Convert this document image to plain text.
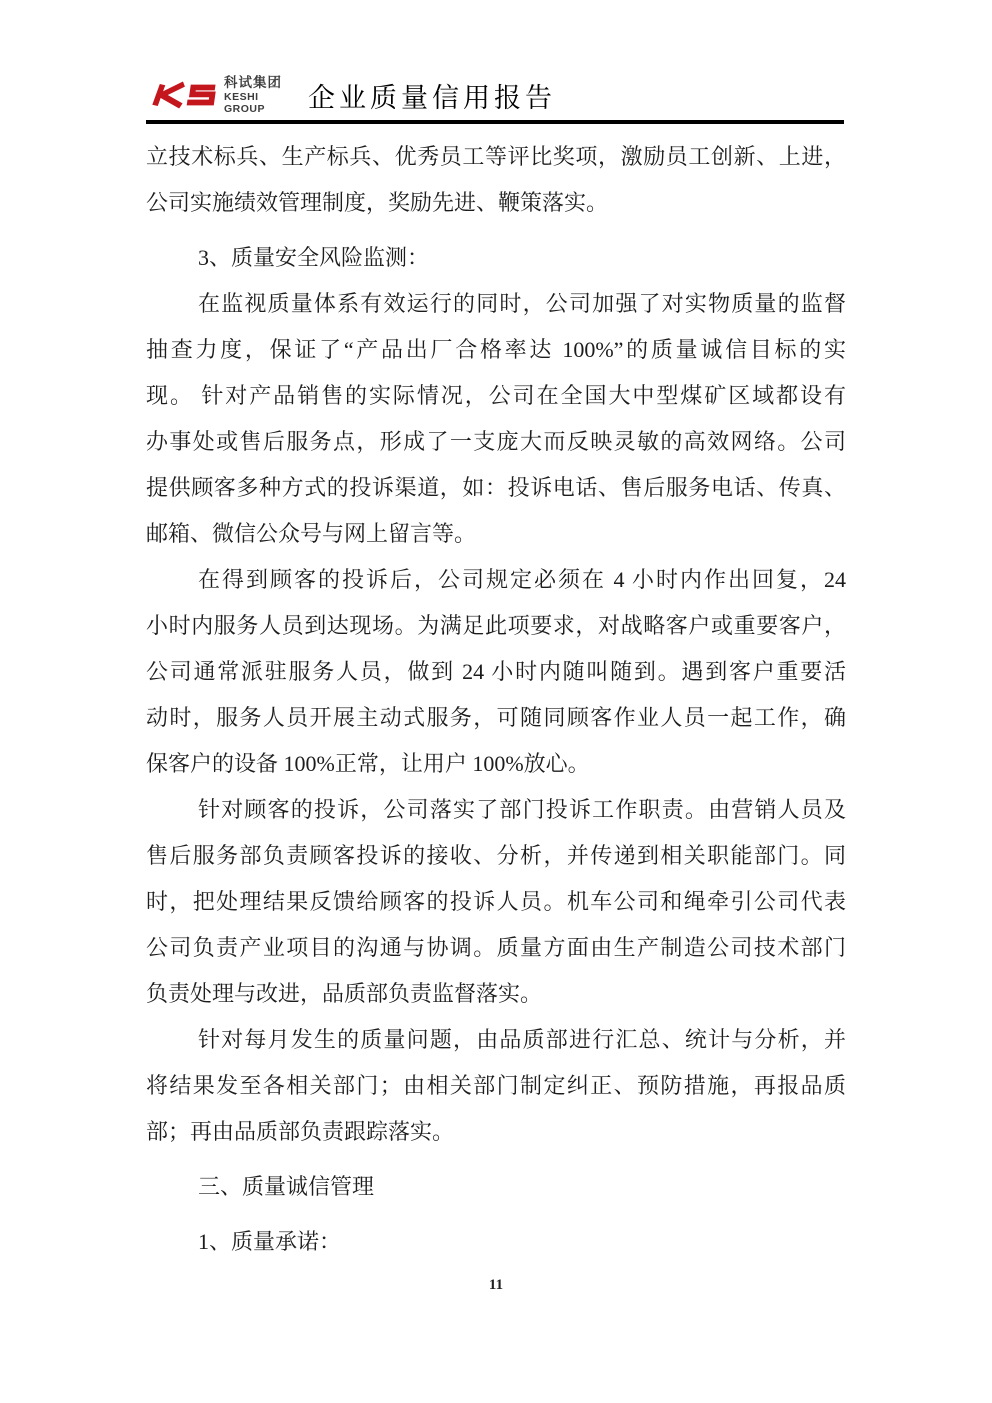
科试集团
KESHI
GROUP	企业质量信用报告
立技术标兵、生产标兵、优秀员工等评比奖项，激励员工创新、上进，
公司实施绩效管理制度，奖励先进、鞭策落实。
3、质量安全风险监测：
在监视质量体系有效运行的同时，公司加强了对实物质量的监督
抽查力度，保证了“产品出厂合格率达 100%”的质量诚信目标的实
现。 针对产品销售的实际情况，公司在全国大中型煤矿区域都设有
办事处或售后服务点，形成了一支庞大而反映灵敏的高效网络。公司
提供顾客多种方式的投诉渠道，如：投诉电话、售后服务电话、传真、
邮箱、微信公众号与网上留言等。
在得到顾客的投诉后，公司规定必须在 4 小时内作出回复，24
小时内服务人员到达现场。为满足此项要求，对战略客户或重要客户，
公司通常派驻服务人员，做到 24 小时内随叫随到。遇到客户重要活
动时，服务人员开展主动式服务，可随同顾客作业人员一起工作，确
保客户的设备 100%正常，让用户 100%放心。
针对顾客的投诉，公司落实了部门投诉工作职责。由营销人员及
售后服务部负责顾客投诉的接收、分析，并传递到相关职能部门。同
时，把处理结果反馈给顾客的投诉人员。机车公司和绳牵引公司代表
公司负责产业项目的沟通与协调。质量方面由生产制造公司技术部门
负责处理与改进，品质部负责监督落实。
针对每月发生的质量问题，由品质部进行汇总、统计与分析，并
将结果发至各相关部门；由相关部门制定纠正、预防措施，再报品质
部；再由品质部负责跟踪落实。
三、质量诚信管理
1、质量承诺：
11
